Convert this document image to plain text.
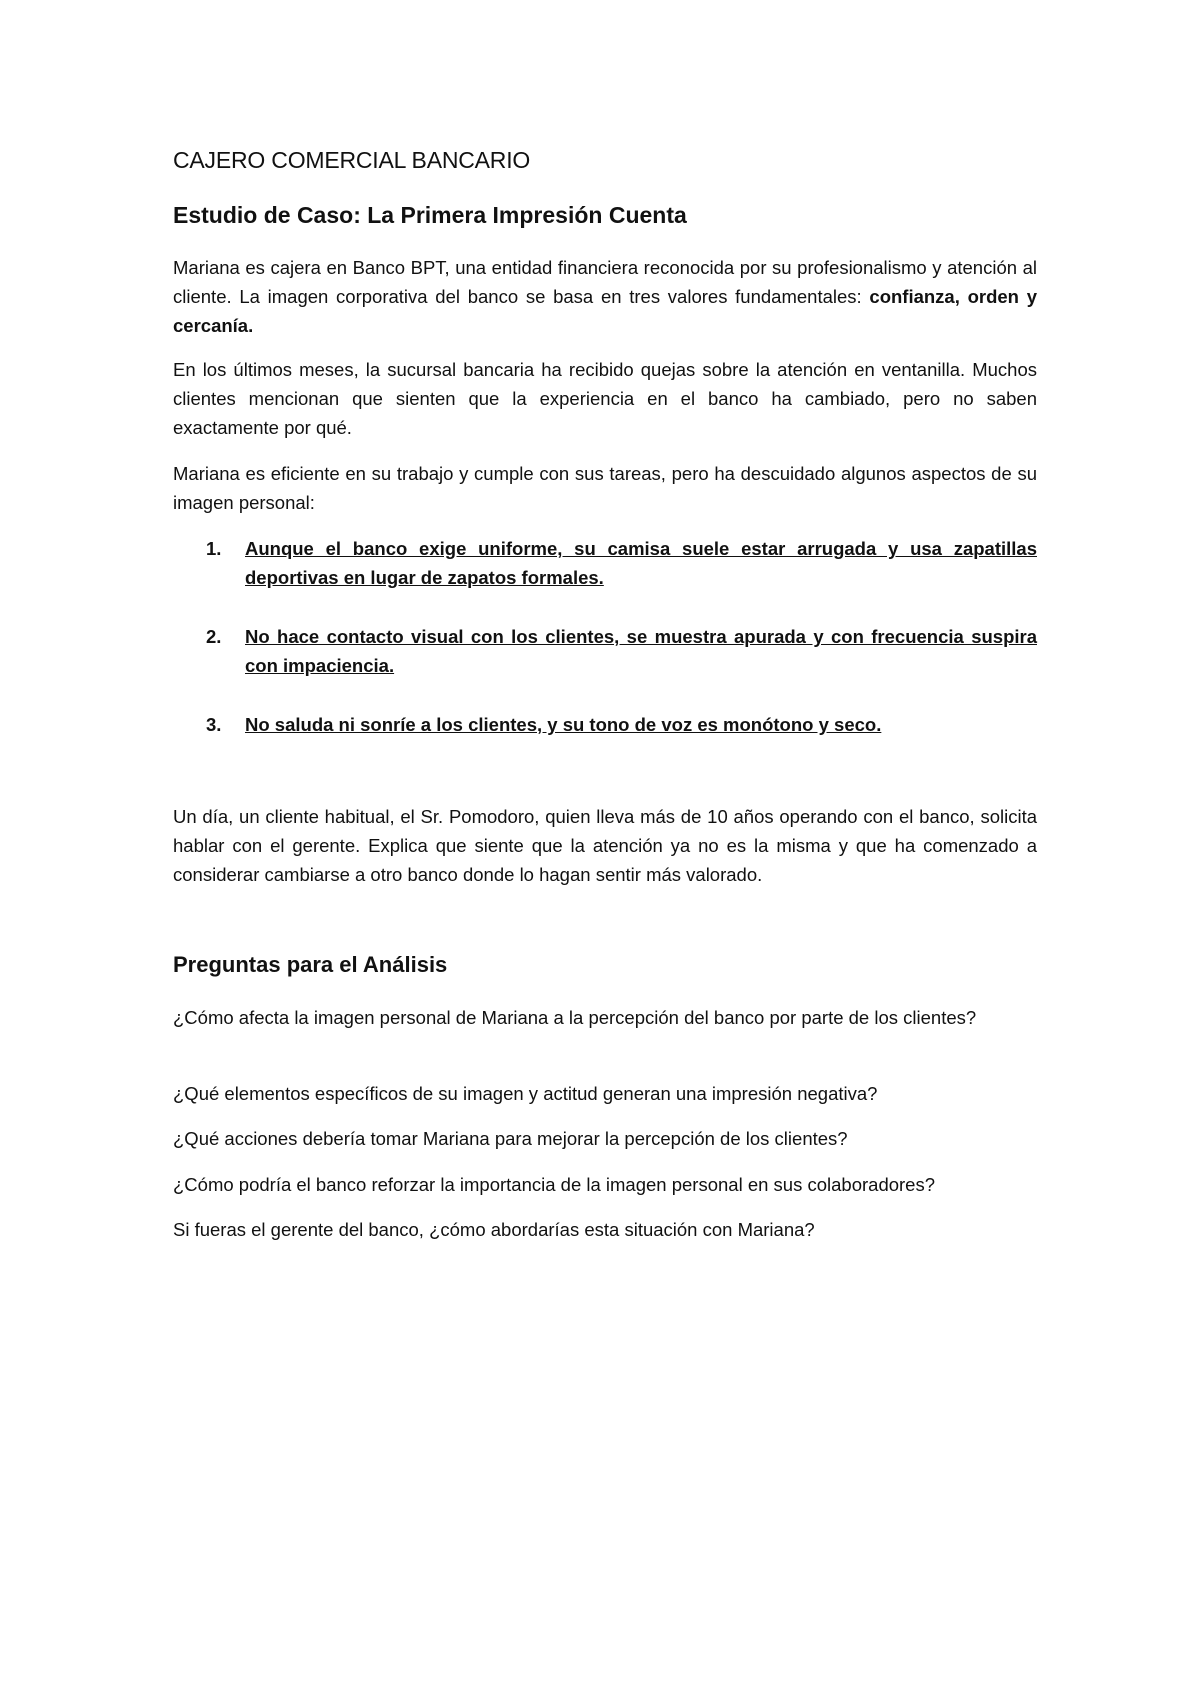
CAJERO COMERCIAL BANCARIO
Estudio de Caso: La Primera Impresión Cuenta

Mariana es cajera en Banco BPT, una entidad financiera reconocida por su profesionalismo y atención al cliente. La imagen corporativa del banco se basa en tres valores fundamentales: confianza, orden y cercanía.

En los últimos meses, la sucursal bancaria ha recibido quejas sobre la atención en ventanilla. Muchos clientes mencionan que sienten que la experiencia en el banco ha cambiado, pero no saben exactamente por qué.

Mariana es eficiente en su trabajo y cumple con sus tareas, pero ha descuidado algunos aspectos de su imagen personal:

1. Aunque el banco exige uniforme, su camisa suele estar arrugada y usa zapatillas deportivas en lugar de zapatos formales.
2. No hace contacto visual con los clientes, se muestra apurada y con frecuencia suspira con impaciencia.
3. No saluda ni sonríe a los clientes, y su tono de voz es monótono y seco.

Un día, un cliente habitual, el Sr. Pomodoro, quien lleva más de 10 años operando con el banco, solicita hablar con el gerente. Explica que siente que la atención ya no es la misma y que ha comenzado a considerar cambiarse a otro banco donde lo hagan sentir más valorado.

Preguntas para el Análisis

¿Cómo afecta la imagen personal de Mariana a la percepción del banco por parte de los clientes?

¿Qué elementos específicos de su imagen y actitud generan una impresión negativa?

¿Qué acciones debería tomar Mariana para mejorar la percepción de los clientes?

¿Cómo podría el banco reforzar la importancia de la imagen personal en sus colaboradores?

Si fueras el gerente del banco, ¿cómo abordarías esta situación con Mariana?
